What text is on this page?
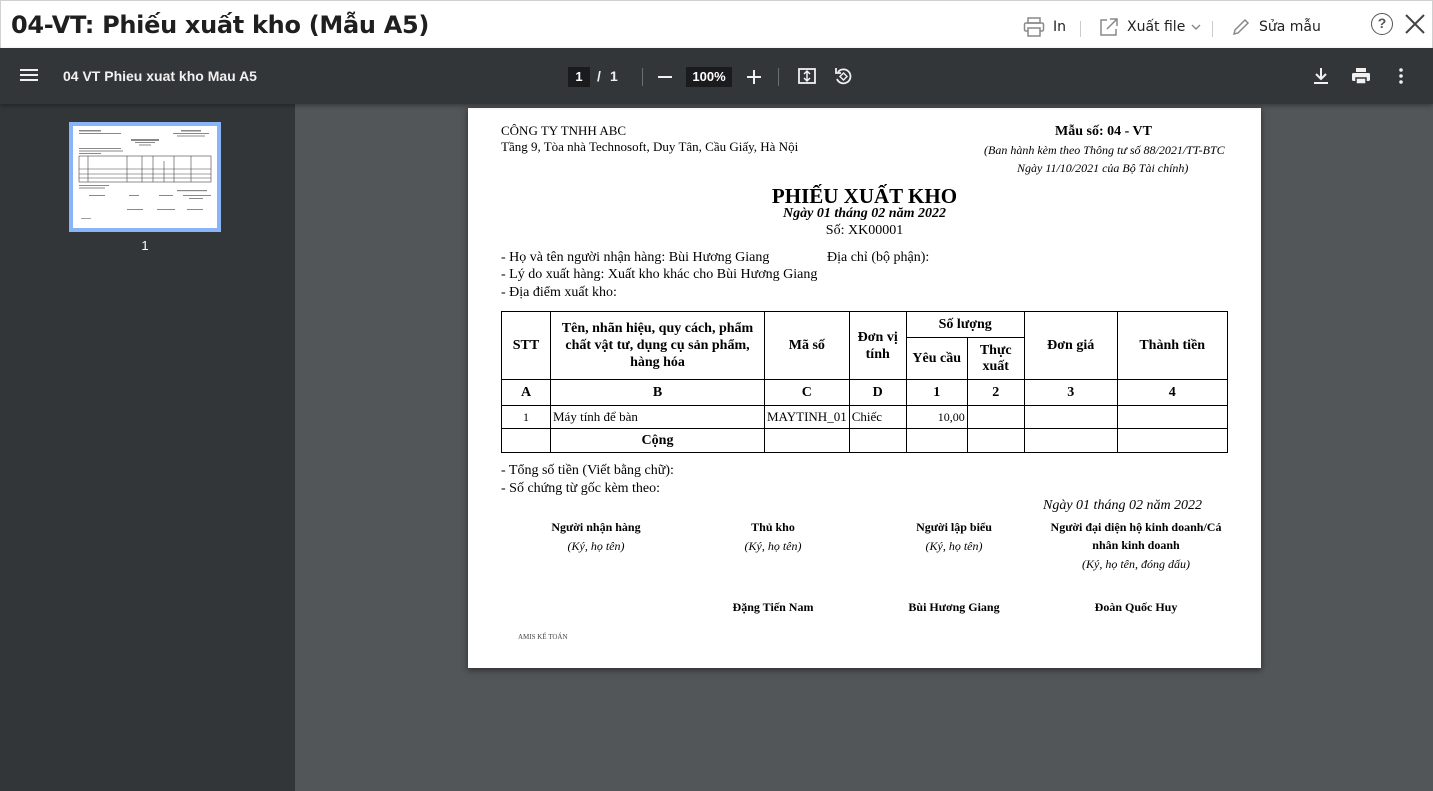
04-VT: Phiếu xuất kho (Mẫu A5)	In	Xuất file	Sửa mẫu	?
04 VT Phieu xuat kho Mau A5	1	/ 1	100%
1
CÔNG TY TNHH ABC
Tầng 9, Tòa nhà Technosoft, Duy Tân, Cầu Giấy, Hà Nội
Mẫu số: 04 - VT
(Ban hành kèm theo Thông tư số 88/2021/TT-BTC
Ngày 11/10/2021 của Bộ Tài chính)
PHIẾU XUẤT KHO
Ngày 01 tháng 02 năm 2022
Số: XK00001
- Họ và tên người nhận hàng: Bùi Hương Giang	Địa chỉ (bộ phận):
- Lý do xuất hàng: Xuất kho khác cho Bùi Hương Giang
- Địa điểm xuất kho:
STT	Tên, nhãn hiệu, quy cách, phẩm chất vật tư, dụng cụ sản phẩm, hàng hóa	Mã số	Đơn vị tính	Số lượng		Đơn giá	Thành tiền
				Yêu cầu	Thực xuất		
A	B	C	D	1	2	3	4
1	Máy tính để bàn	MAYTINH_01	Chiếc	10,00			
	Cộng						
- Tổng số tiền (Viết bằng chữ):
- Số chứng từ gốc kèm theo:
Ngày 01 tháng 02 năm 2022
Người nhận hàng
(Ký, họ tên)
Thủ kho
(Ký, họ tên)
Đặng Tiến Nam
Người lập biểu
(Ký, họ tên)
Bùi Hương Giang
Người đại diện hộ kinh doanh/Cá
nhân kinh doanh
(Ký, họ tên, đóng dấu)
Đoàn Quốc Huy
AMIS KẾ TOÁN
